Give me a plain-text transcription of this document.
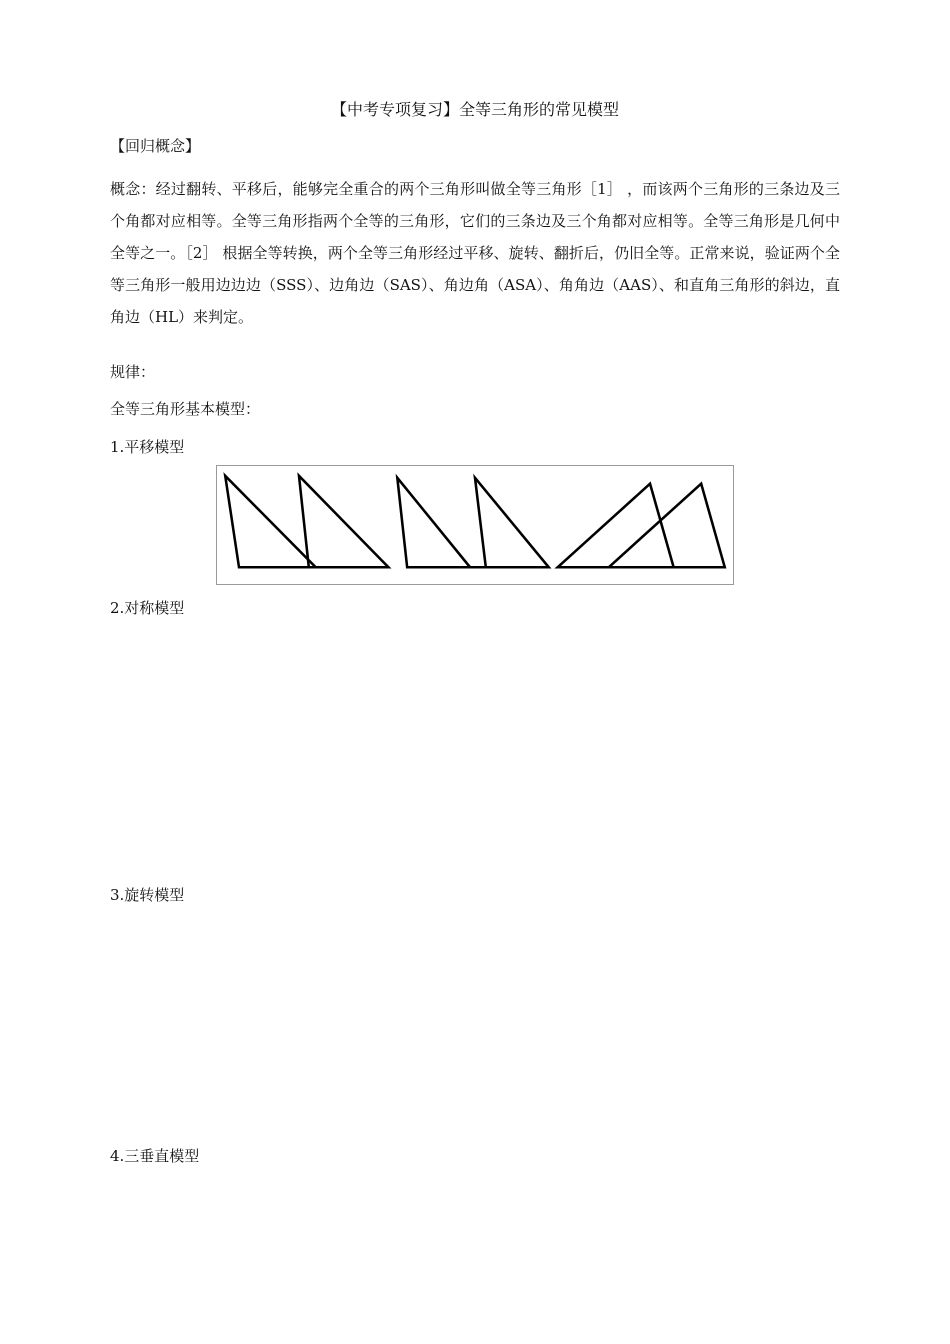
【中考专项复习】全等三角形的常见模型
【回归概念】
概念：经过翻转、平移后，能够完全重合的两个三角形叫做全等三角形［1］ ，而该两个三角形的三条边及三个角都对应相等。全等三角形指两个全等的三角形，它们的三条边及三个角都对应相等。全等三角形是几何中全等之一。［2］ 根据全等转换，两个全等三角形经过平移、旋转、翻折后，仍旧全等。正常来说，验证两个全等三角形一般用边边边（SSS）、边角边（SAS）、角边角（ASA）、角角边（AAS）、和直角三角形的斜边，直角边（HL）来判定。
规律：
全等三角形基本模型：
1.平移模型
2.对称模型
3.旋转模型
4.三垂直模型
